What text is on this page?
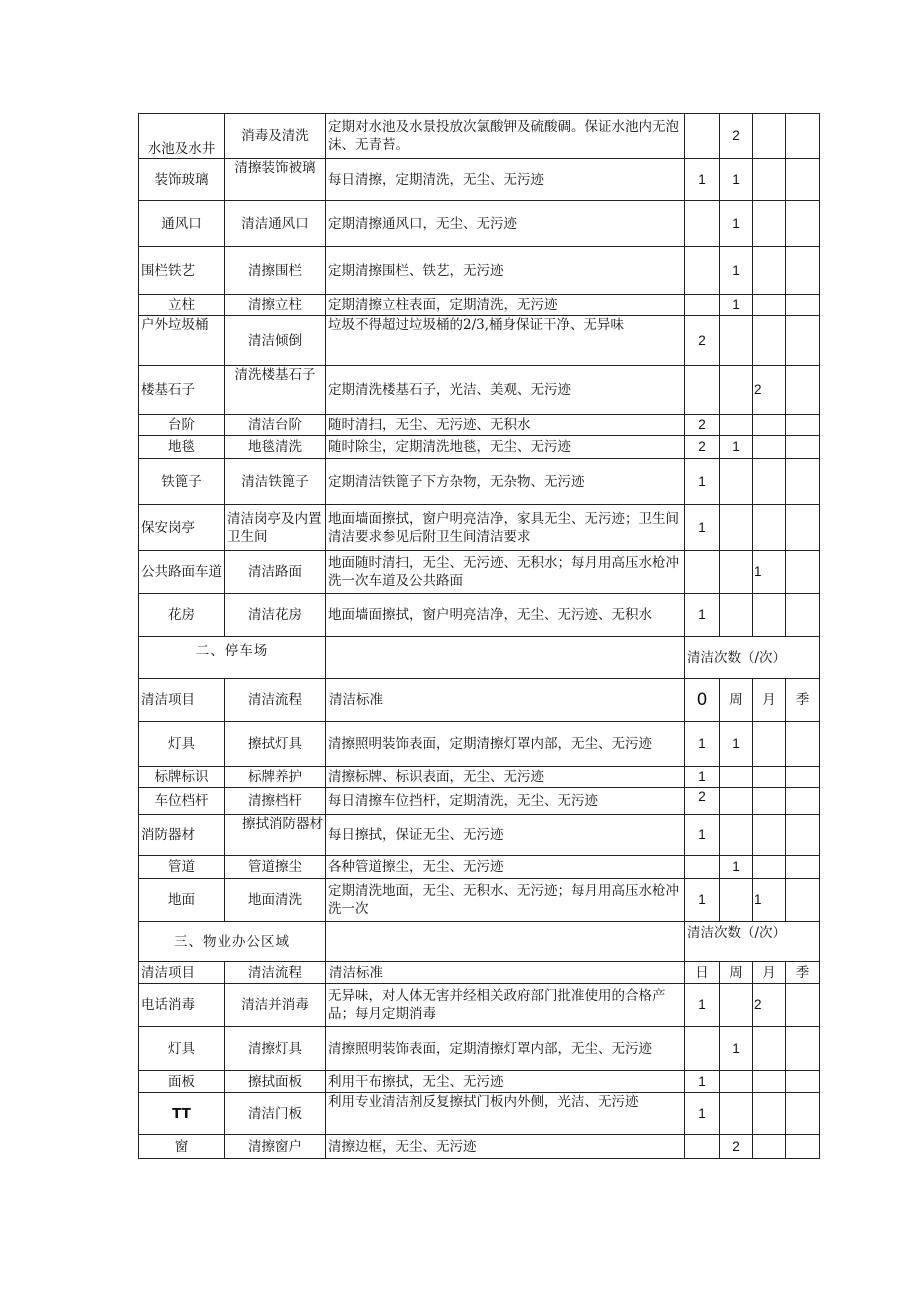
水池及水井	消毒及清洗	定期对水池及水景投放次氯酸钾及硫酸碉。保证水池内无泡沫、无青苔。		2		
装饰玻璃	清擦装饰被璃	每日清擦，定期清洗，无尘、无污迹	1	1		
通风口	清洁通风口	定期清擦通风口，无尘、无污迹		1		
围栏铁艺	清擦围栏	定期清擦围栏、铁艺，无污迹		1		
立柱	清擦立柱	定期清擦立柱表面，定期清洗，无污迹		1		
户外垃圾桶	清洁倾倒	垃圾不得超过垃圾桶的2/3,桶身保证干净、无异味	2			
楼基石子	清洗楼基石子	定期清洗楼基石子，光洁、美观、无污迹			2	
台阶	清洁台阶	随时清扫，无尘、无污迹、无积水	2			
地毯	地毯清洗	随时除尘，定期清洗地毯，无尘、无污迹	2	1		
铁篦子	清洁铁篦子	定期清洁铁篦子下方杂物，无杂物、无污迹	1			
保安岗亭	清洁岗亭及内置卫生间	地面墙面擦拭，窗户明亮洁净，家具无尘、无污迹；卫生间清洁要求参见后附卫生间清洁要求	1			
公共路面车道	清洁路面	地面随时清扫，无尘、无污迹、无积水；每月用高压水枪冲洗一次车道及公共路面			1	
花房	清洁花房	地面墙面擦拭，窗户明亮洁净，无尘、无污迹、无积水	1			
二、停车场			清洁次数（/次）			
清洁项目	清洁流程	清洁标准	0	周	月	季
灯具	擦拭灯具	清擦照明装饰表面，定期清擦灯罩内部，无尘、无污迹	1	1		
标牌标识	标牌养护	清擦标牌、标识表面，无尘、无污迹	1			
车位档杆	清擦档杆	每日清擦车位挡杆，定期清洗，无尘、无污迹	2			
消防器材	擦拭消防器材	每日擦拭，保证无尘、无污迹	1			
管道	管道擦尘	各种管道擦尘，无尘、无污迹		1		
地面	地面清洗	定期清洗地面，无尘、无积水、无污迹；每月用高压水枪冲洗一次	1		1	
三、物业办公区域			清洁次数（/次）			
清洁项目	清洁流程	清洁标准	日	周	月	季
电话消毒	清洁并消毒	无异味，对人体无害并经相关政府部门批准使用的合格产品；每月定期消毒	1		2	
灯具	清擦灯具	清擦照明装饰表面，定期清擦灯罩内部，无尘、无污迹		1		
面板	擦拭面板	利用干布擦拭，无尘、无污迹	1			
TT	清洁门板	利用专业清洁剂反复擦拭门板内外侧，光洁、无污迹	1			
窗	清擦窗户	清擦边框，无尘、无污迹		2		
